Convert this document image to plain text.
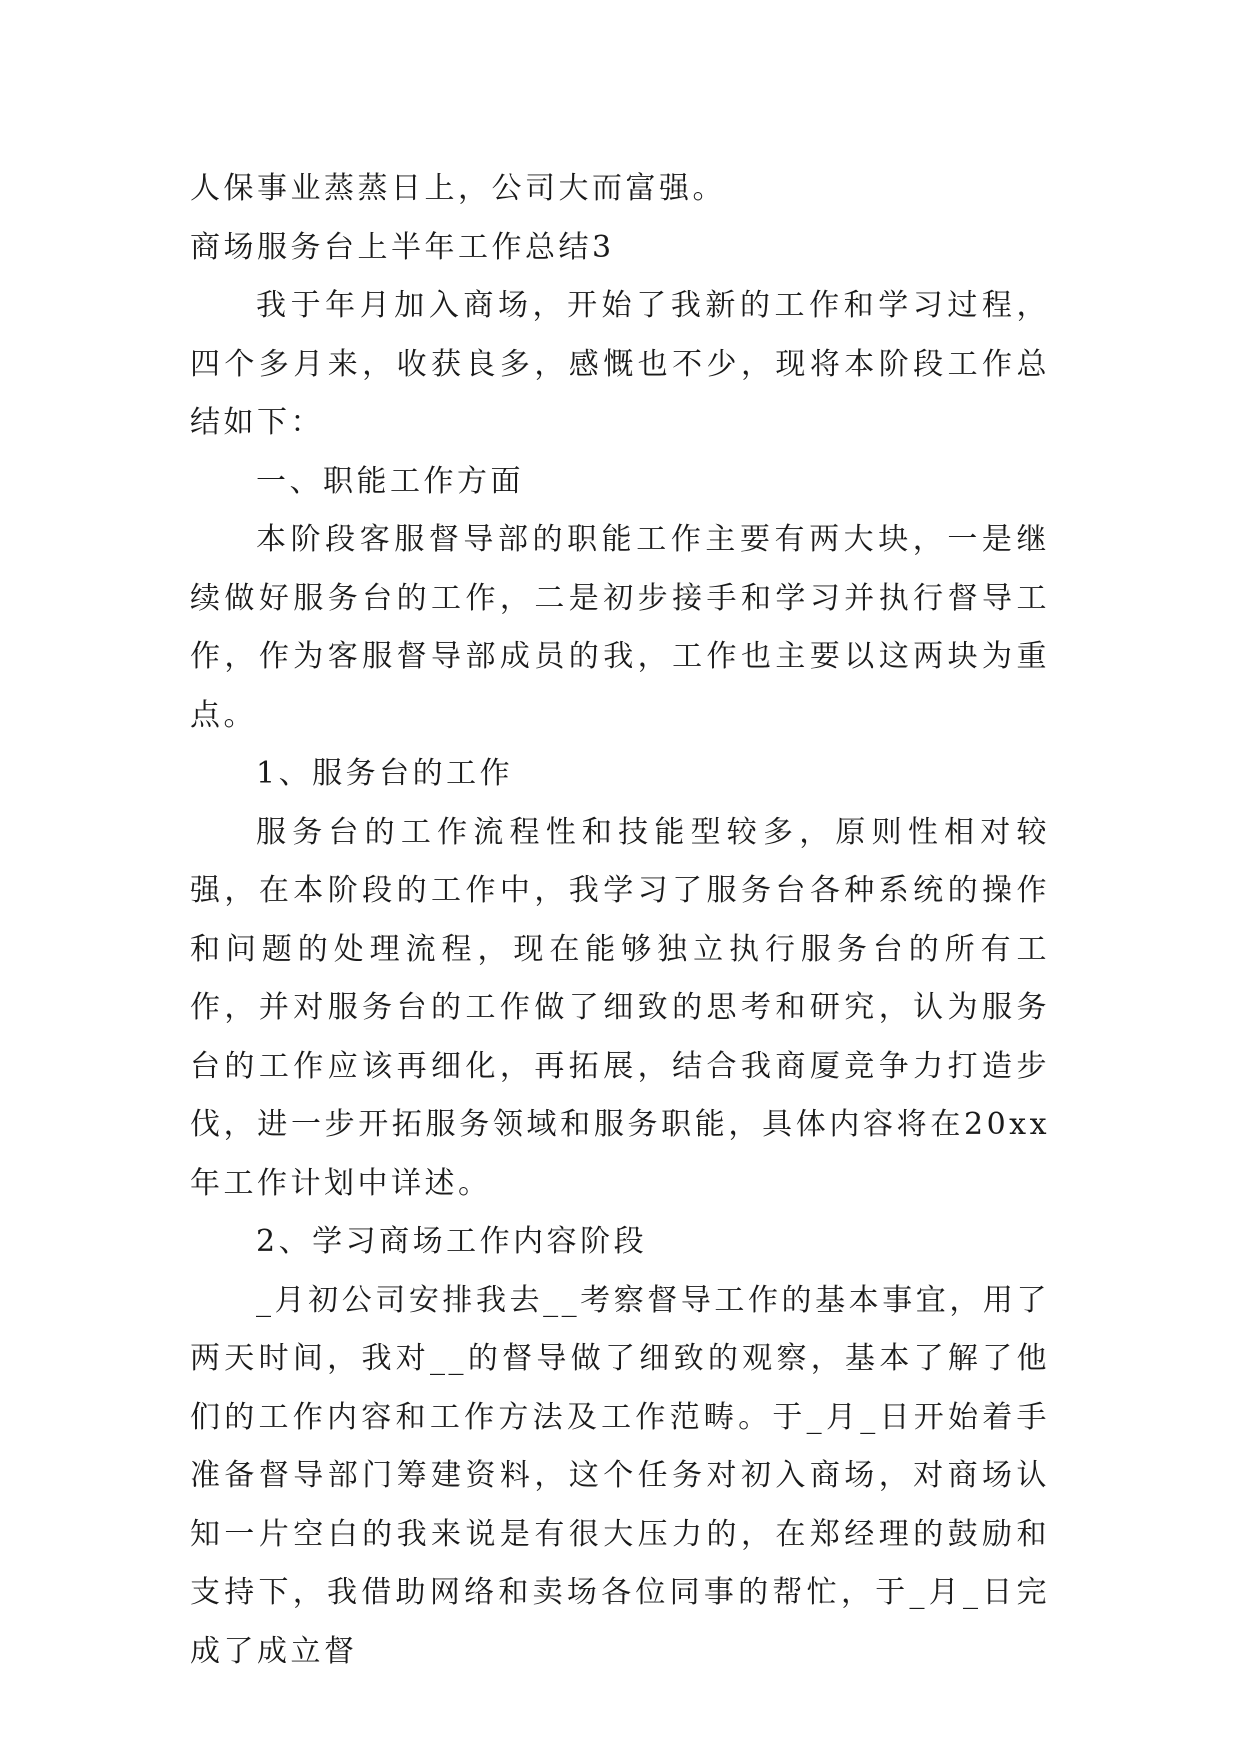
人保事业蒸蒸日上，公司大而富强。

商场服务台上半年工作总结3

我于年月加入商场，开始了我新的工作和学习过程，四个多月来，收获良多，感慨也不少，现将本阶段工作总结如下：

一、职能工作方面

本阶段客服督导部的职能工作主要有两大块，一是继续做好服务台的工作，二是初步接手和学习并执行督导工作，作为客服督导部成员的我，工作也主要以这两块为重点。

1、服务台的工作

服务台的工作流程性和技能型较多，原则性相对较强，在本阶段的工作中，我学习了服务台各种系统的操作和问题的处理流程，现在能够独立执行服务台的所有工作，并对服务台的工作做了细致的思考和研究，认为服务台的工作应该再细化，再拓展，结合我商厦竞争力打造步伐，进一步开拓服务领域和服务职能，具体内容将在20xx年工作计划中详述。

2、学习商场工作内容阶段

_月初公司安排我去__考察督导工作的基本事宜，用了两天时间，我对__的督导做了细致的观察，基本了解了他们的工作内容和工作方法及工作范畴。于_月_日开始着手准备督导部门筹建资料，这个任务对初入商场，对商场认知一片空白的我来说是有很大压力的，在郑经理的鼓励和支持下，我借助网络和卖场各位同事的帮忙，于_月_日完成了成立督
